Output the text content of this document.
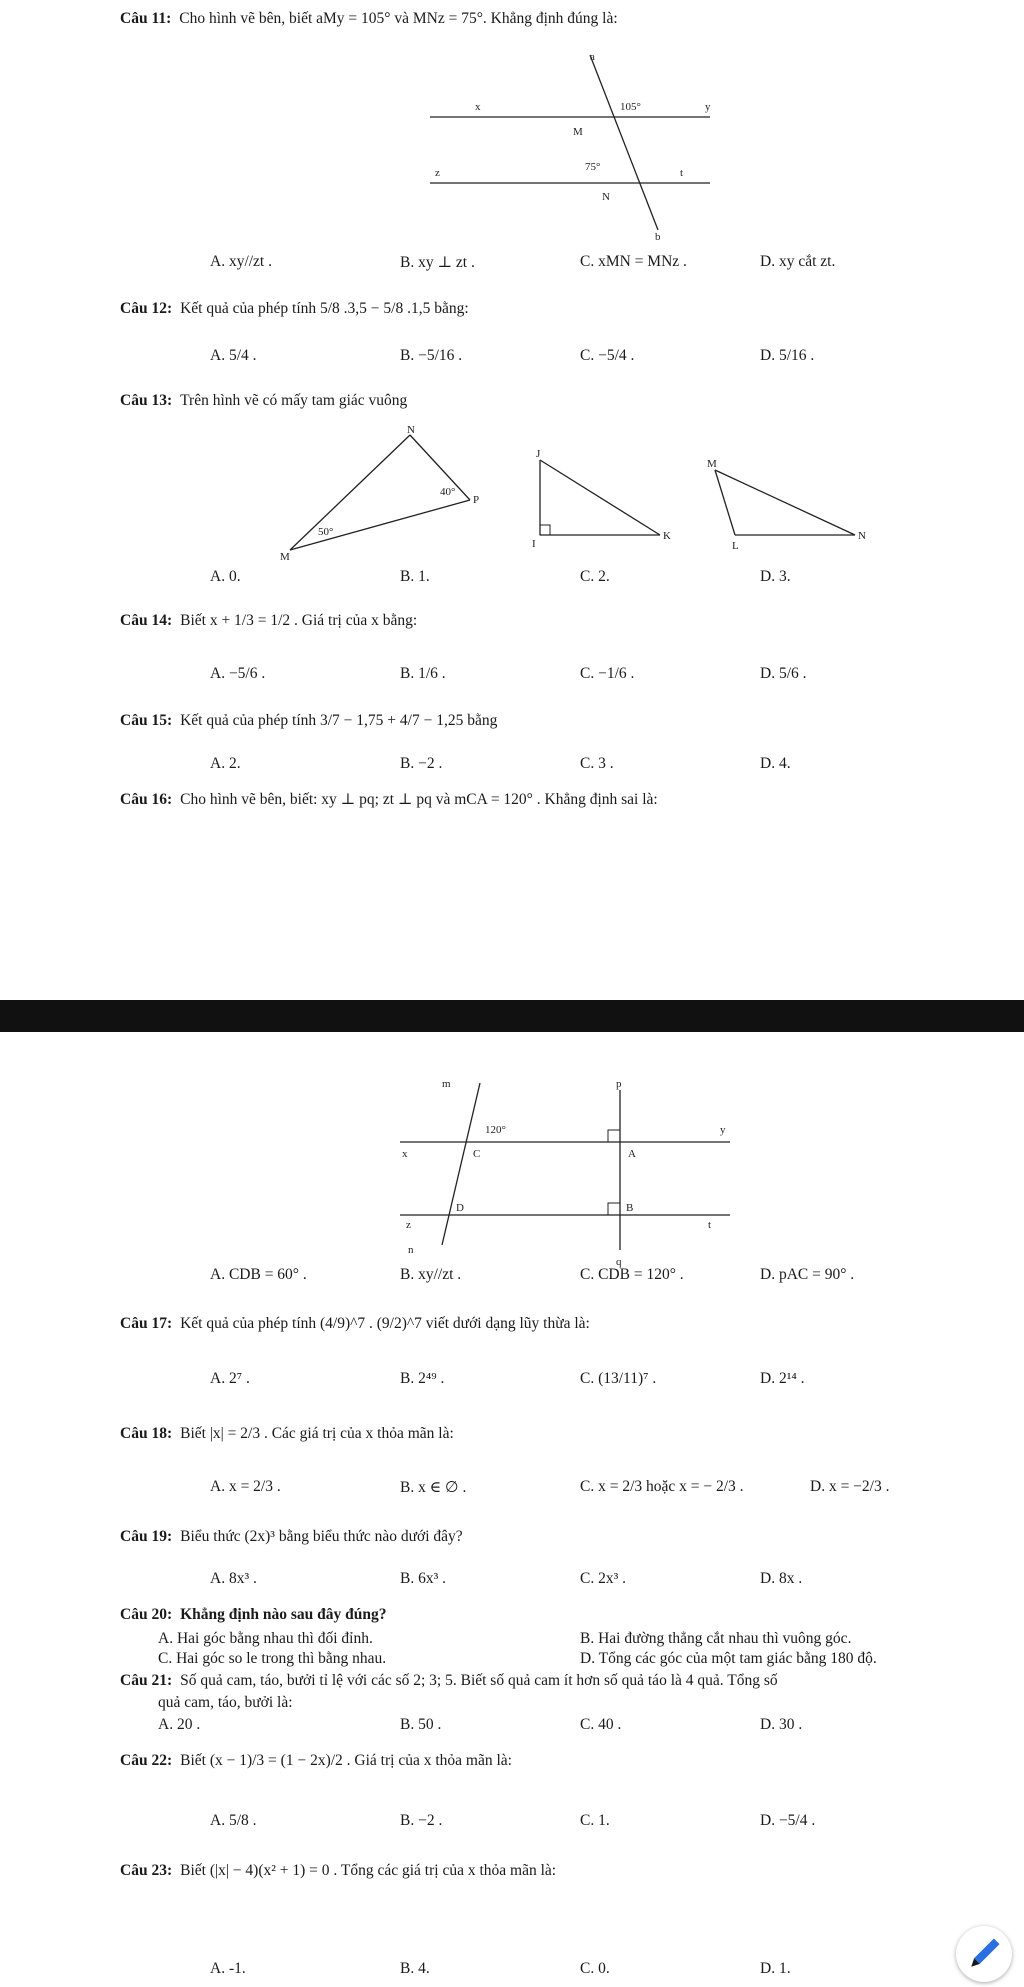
Câu 11: Cho hình vẽ bên, biết aMy = 105° và MNz = 75°. Khẳng định đúng là:
a
x	y
z	t
b
M
N
105°
75°
A. xy//zt .	B. xy ⊥ zt .	C. xMN = MNz .	D. xy cắt zt.
Câu 12: Kết quả của phép tính 5/8 .3,5 − 5/8 .1,5 bằng:
A. 5/4 .	B. −5/16 .	C. −5/4 .	D. 5/16 .
Câu 13: Trên hình vẽ có mấy tam giác vuông
N
M
P
40°
50°
J
I
K
M
L
N
A. 0.	B. 1.	C. 2.	D. 3.
Câu 14: Biết x + 1/3 = 1/2 . Giá trị của x bằng:
A. −5/6 .	B. 1/6 .	C. −1/6 .	D. 5/6 .
Câu 15: Kết quả của phép tính 3/7 − 1,75 + 4/7 − 1,25 bằng
A. 2.	B. −2 .	C. 3 .	D. 4.
Câu 16: Cho hình vẽ bên, biết: xy ⊥ pq; zt ⊥ pq và mCA = 120° . Khẳng định sai là:
m	p
n
q
x
y
z	t
C	A
D	B
120°
A. CDB = 60° .	B. xy//zt .	C. CDB = 120° .	D. pAC = 90° .
Câu 17: Kết quả của phép tính (4/9)^7 . (9/2)^7 viết dưới dạng lũy thừa là:
A. 2⁷ .	B. 2⁴⁹ .	C. (13/11)⁷ .	D. 2¹⁴ .
Câu 18: Biết |x| = 2/3 . Các giá trị của x thỏa mãn là:
A. x = 2/3 .	B. x ∈ ∅ .	C. x = 2/3 hoặc x = − 2/3 .	D. x = −2/3 .
Câu 19: Biểu thức (2x)³ bằng biểu thức nào dưới đây?
A. 8x³ .	B. 6x³ .	C. 2x³ .	D. 8x .
Câu 20: Khẳng định nào sau đây đúng?
A. Hai góc bằng nhau thì đối đỉnh.	B. Hai đường thẳng cắt nhau thì vuông góc.
C. Hai góc so le trong thì bằng nhau.	D. Tổng các góc của một tam giác bằng 180 độ.
Câu 21: Số quả cam, táo, bưởi tỉ lệ với các số 2; 3; 5. Biết số quả cam ít hơn số quả táo là 4 quả. Tổng số
quả cam, táo, bưởi là:
A. 20 .	B. 50 .	C. 40 .	D. 30 .
Câu 22: Biết (x − 1)/3 = (1 − 2x)/2 . Giá trị của x thỏa mãn là:
A. 5/8 .	B. −2 .	C. 1.	D. −5/4 .
Câu 23: Biết (|x| − 4)(x² + 1) = 0 . Tổng các giá trị của x thỏa mãn là:
A. -1.	B. 4.	C. 0.	D. 1.
